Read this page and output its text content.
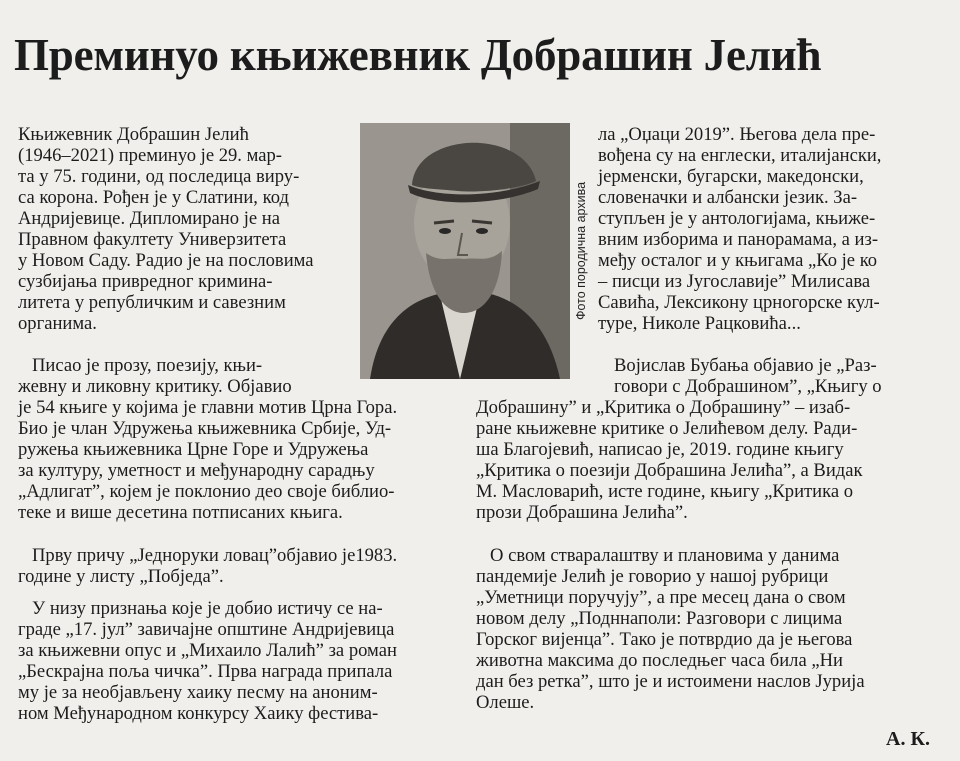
Преминуо књижевник Добрашин Јелић
Књижевник Добрашин Јелић
(1946–2021) преминуо је 29. мар-
та у 75. години, од последица виру-
са корона. Рођен је у Слатини, код
Андријевице. Дипломирано је на
Правном факултету Универзитета
у Новом Саду. Радио је на пословима
сузбијања привредног кримина-
литета у републичким и савезним
органима.
Писао је прозу, поезију, књи-
жевну и ликовну критику. Објавио
је 54 књиге у којима је главни мотив Црна Гора.
Био је члан Удружења књижевника Србије, Уд-
ружења књижевника Црне Горе и Удружења
за културу, уметност и међународну сарадњу
„Адлигат”, којем је поклонио део своје библио-
теке и више десетина потписаних књига.
Прву причу „Једноруки ловац”објавио је1983.
године у листу „Побједа”.
У низу признања које је добио истичу се на-
граде „17. јул” завичајне општине Андријевица
за књижевни опус и „Михаило Лалић” за роман
„Бескрајна поља чичка”. Прва награда припала
му је за необјављену хаику песму на аноним-
ном Међународном конкурсу Хаику фестива-
Фото породична архива
ла „Оџаци 2019”. Његова дела пре-
вођена су на енглески, италијански,
јерменски, бугарски, македонски,
словеначки и албански језик. За-
ступљен је у антологијама, књиже-
вним изборима и панорамама, а из-
међу осталог и у књигама „Ко је ко
– писци из Југославије” Милисава
Савића, Лексикону црногорске кул-
туре, Николе Рацковића...
Војислав Бубања објавио је „Раз-
говори с Добрашином”, „Књигу о
Добрашину” и „Критика о Добрашину” – изаб-
ране књижевне критике о Јелићевом делу. Ради-
ша Благојевић, написао је, 2019. године књигу
„Критика о поезији Добрашина Јелића”, а Видак
М. Масловарић, исте године, књигу „Критика о
прози Добрашина Јелића”.
О свом стваралаштву и плановима у данима
пандемије Јелић је говорио у нашој рубрици
„Уметници поручују”, а пре месец дана о свом
новом делу „Подннаполи: Разговори с лицима
Горског вијенца”. Тако је потврдио да је његова
животна максима до последњег часа била „Ни
дан без ретка”, што је и истоимени наслов Јурија
Олеше.
А. К.
